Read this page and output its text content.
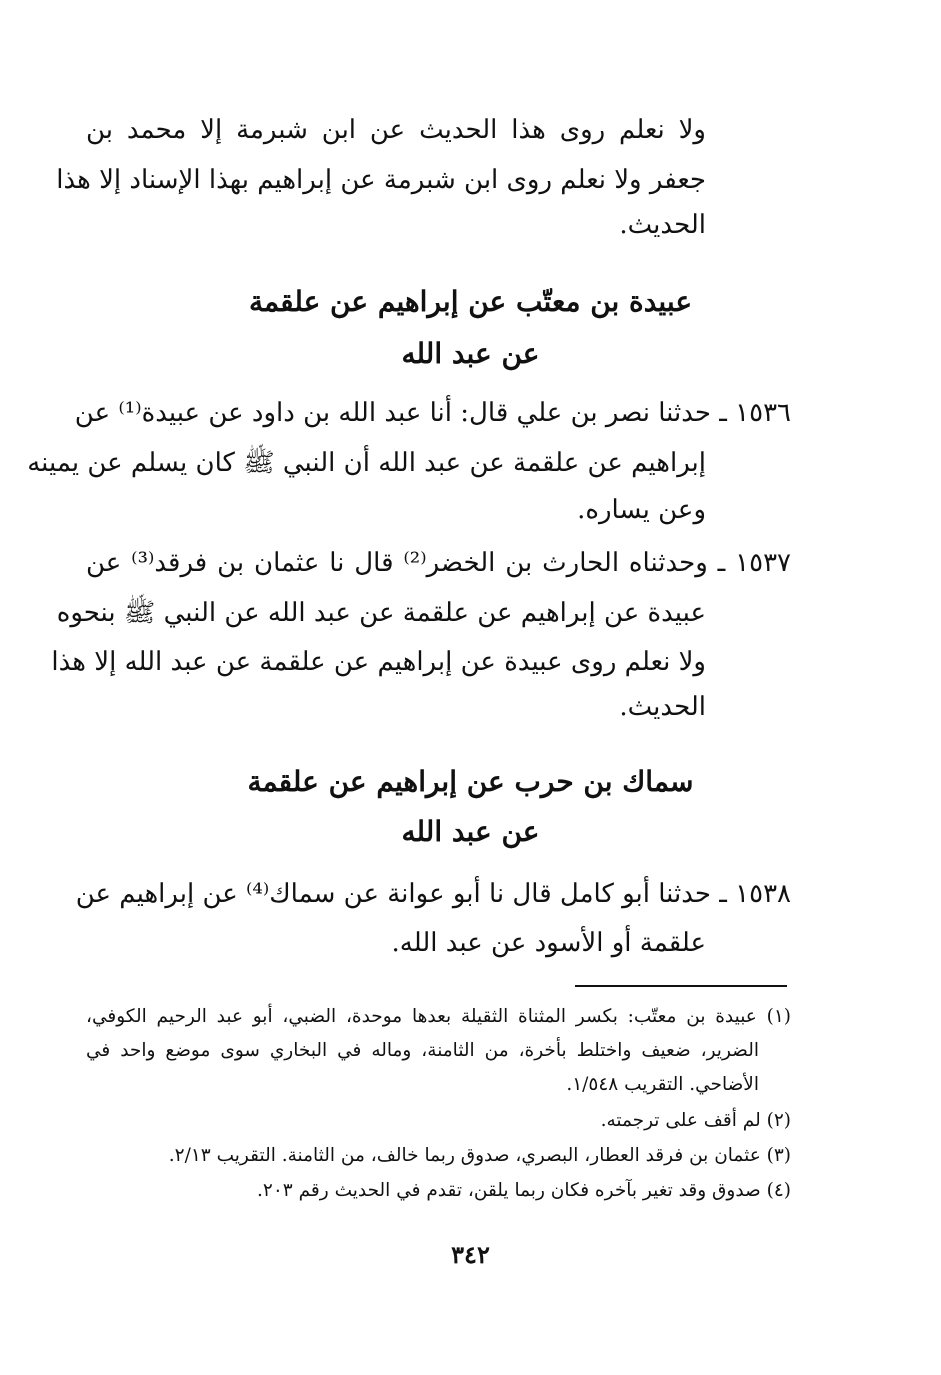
ولا نعلم روى هذا الحديث عن ابن شبرمة إلا محمد بن

جعفر ولا نعلم روى ابن شبرمة عن إبراهيم بهذا الإسناد إلا هذا

الحديث.

عبيدة بن معتّب عن إبراهيم عن علقمة
عن عبد الله

١٥٣٦ ـ حدثنا نصر بن علي قال: أنا عبد الله بن داود عن عبيدة⁽¹⁾ عن

إبراهيم عن علقمة عن عبد الله أن النبي ﷺ كان يسلم عن يمينه

وعن يساره.

١٥٣٧ ـ وحدثناه الحارث بن الخضر⁽²⁾ قال نا عثمان بن فرقد⁽³⁾ عن

عبيدة عن إبراهيم عن علقمة عن عبد الله عن النبي ﷺ بنحوه

ولا نعلم روى عبيدة عن إبراهيم عن علقمة عن عبد الله إلا هذا

الحديث.

سماك بن حرب عن إبراهيم عن علقمة
عن عبد الله

١٥٣٨ ـ حدثنا أبو كامل قال نا أبو عوانة عن سماك⁽⁴⁾ عن إبراهيم عن

علقمة أو الأسود عن عبد الله.

(١) عبيدة بن معتّب: بكسر المثناة الثقيلة بعدها موحدة، الضبي، أبو عبد الرحيم الكوفي،

الضرير، ضعيف واختلط بأخرة، من الثامنة، وماله في البخاري سوى موضع واحد في

الأضاحي. التقريب ١/٥٤٨.

(٢) لم أقف على ترجمته.

(٣) عثمان بن فرقد العطار، البصري، صدوق ربما خالف، من الثامنة. التقريب ٢/١٣.

(٤) صدوق وقد تغير بآخره فكان ربما يلقن، تقدم في الحديث رقم ٢٠٣.

٣٤٢
